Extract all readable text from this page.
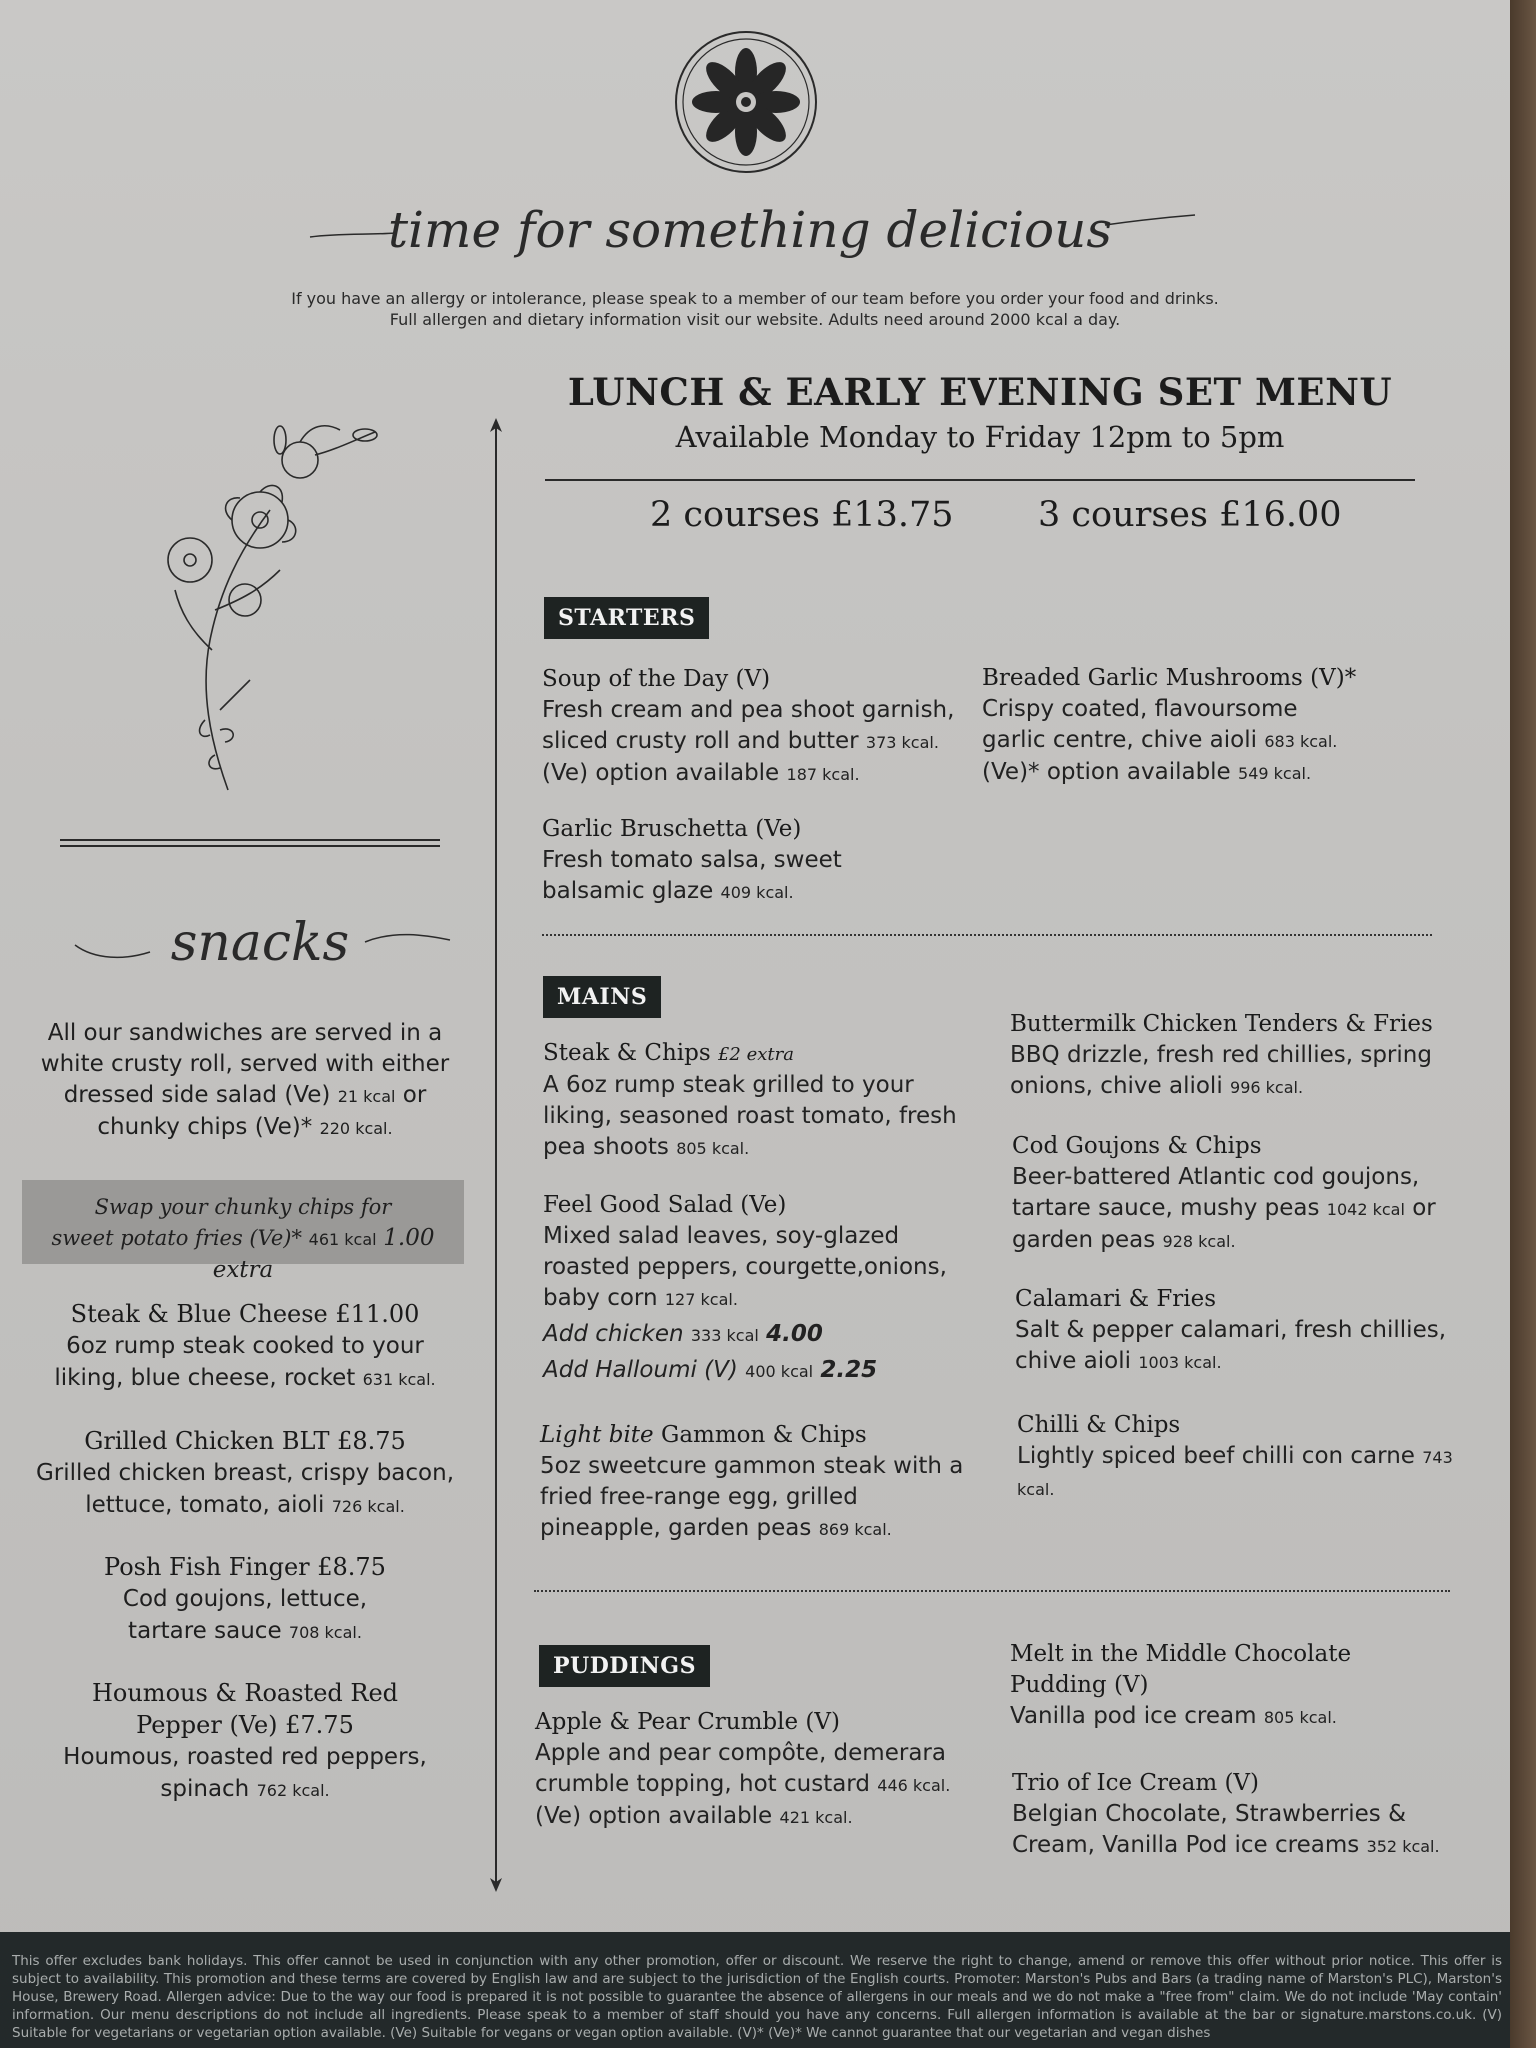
time for something delicious
If you have an allergy or intolerance, please speak to a member of our team before you order your food and drinks.
Full allergen and dietary information visit our website. Adults need around 2000 kcal a day.
LUNCH & EARLY EVENING SET MENU
Available Monday to Friday 12pm to 5pm
2 courses £13.75 3 courses £16.00
snacks
All our sandwiches are served in a white crusty roll, served with either dressed side salad (Ve) 21 kcal or chunky chips (Ve)* 220 kcal.
Swap your chunky chips for
sweet potato fries (Ve)* 461 kcal 1.00 extra
Steak & Blue Cheese £11.00
6oz rump steak cooked to your liking, blue cheese, rocket 631 kcal.
Grilled Chicken BLT £8.75
Grilled chicken breast, crispy bacon, lettuce, tomato, aioli 726 kcal.
Posh Fish Finger £8.75
Cod goujons, lettuce, tartare sauce 708 kcal.
Houmous & Roasted Red Pepper (Ve) £7.75
Houmous, roasted red peppers, spinach 762 kcal.
STARTERS
Soup of the Day (V)
Fresh cream and pea shoot garnish, sliced crusty roll and butter 373 kcal.
(Ve) option available 187 kcal.
Breaded Garlic Mushrooms (V)*
Crispy coated, flavoursome garlic centre, chive aioli 683 kcal.
(Ve)* option available 549 kcal.
Garlic Bruschetta (Ve)
Fresh tomato salsa, sweet balsamic glaze 409 kcal.
MAINS
Steak & Chips £2 extra
A 6oz rump steak grilled to your liking, seasoned roast tomato, fresh pea shoots 805 kcal.
Feel Good Salad (Ve)
Mixed salad leaves, soy-glazed roasted peppers, courgette,onions, baby corn 127 kcal.
Add chicken 333 kcal 4.00
Add Halloumi (V) 400 kcal 2.25
Light bite Gammon & Chips
5oz sweetcure gammon steak with a fried free-range egg, grilled pineapple, garden peas 869 kcal.
Buttermilk Chicken Tenders & Fries
BBQ drizzle, fresh red chillies, spring onions, chive alioli 996 kcal.
Cod Goujons & Chips
Beer-battered Atlantic cod goujons, tartare sauce, mushy peas 1042 kcal or garden peas 928 kcal.
Calamari & Fries
Salt & pepper calamari, fresh chillies, chive aioli 1003 kcal.
Chilli & Chips
Lightly spiced beef chilli con carne 743 kcal.
PUDDINGS
Apple & Pear Crumble (V)
Apple and pear compôte, demerara crumble topping, hot custard 446 kcal.
(Ve) option available 421 kcal.
Melt in the Middle Chocolate Pudding (V)
Vanilla pod ice cream 805 kcal.
Trio of Ice Cream (V)
Belgian Chocolate, Strawberries & Cream, Vanilla Pod ice creams 352 kcal.
This offer excludes bank holidays. This offer cannot be used in conjunction with any other promotion, offer or discount. We reserve the right to change, amend or remove this offer without prior notice. This offer is subject to availability. This promotion and these terms are covered by English law and are subject to the jurisdiction of the English courts. Promoter: Marston's Pubs and Bars (a trading name of Marston's PLC), Marston's House, Brewery Road. Allergen advice: Due to the way our food is prepared it is not possible to guarantee the absence of allergens in our meals and we do not make a "free from" claim. We do not include 'May contain' information. Our menu descriptions do not include all ingredients. Please speak to a member of staff should you have any concerns. Full allergen information is available at the bar or signature.marstons.co.uk. (V) Suitable for vegetarians or vegetarian option available. (Ve) Suitable for vegans or vegan option available. (V)* (Ve)* We cannot guarantee that our vegetarian and vegan dishes
